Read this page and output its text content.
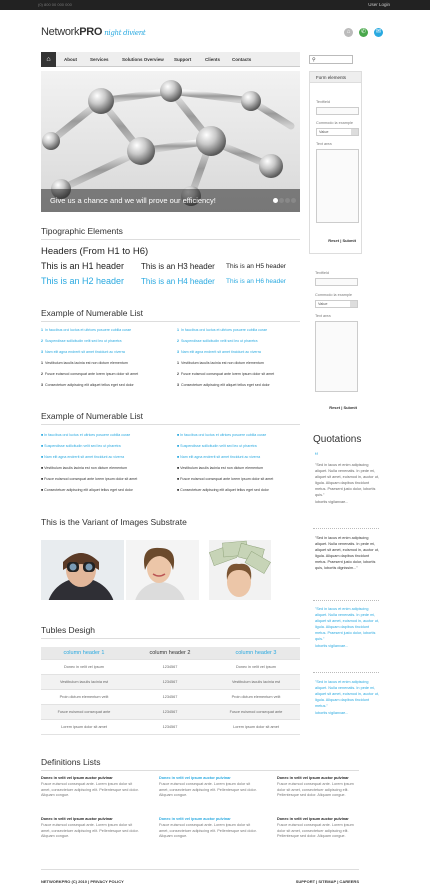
(0) 800 00 000 000	User Login
NetworkPRO night divient	⌂	✆	✉
⌂	About	Services	Solutions Overview Support	Clients	Contacts	⚲
Give us a chance and we will prove our efficiency!
Form elements
Textfield
Commodo la example
Value
Text area
Reset | Submit
Textfield
Commodo la example
Value
Text area
Reset | Submit
Tipographic Elements
Headers (From H1 to H6)
This is an H1 header This is an H3 header This is an H5 header
This is an H2 header This is an H4 header This is an H6 header
Example of Numerable List
1 In faucibus orci luctus et ultrices posuere cubilia curae
2 Suspendisse sollicitudin velit sed leo ut pharetra
3 Nam elit agna endrerit sit amet tincidunt ac viverra
1 Vestibulum iaculis lacinia est non dictum elementum
2 Fusce euismod consequat ante lorem ipsum dolor sit amet
3 Consectetuer adipiscing elit aliquet tellus eget sed dolor
1 In faucibus orci luctus et ultrices posuere cubilia curae
2 Suspendisse sollicitudin velit sed leo ut pharetra
3 Nam elit agna endrerit sit amet tincidunt ac viverra
1 Vestibulum iaculis lacinia est non dictum elementum
2 Fusce euismod consequat ante lorem ipsum dolor sit amet
3 Consectetuer adipiscing elit aliquet tellus eget sed dolor
Example of Numerable List
■ In faucibus orci luctus et ultrices posuere cubilia curae
■ Suspendisse sollicitudin velit sed leo ut pharetra
■ Nam elit agna endrerit sit amet tincidunt ac viverra
■ Vestibulum iaculis lacinia est non dictum elementum
■ Fusce euismod consequat ante lorem ipsum dolor sit amet
■ Consectetuer adipiscing elit aliquet tellus eget sed dolor
■ In faucibus orci luctus et ultrices posuere cubilia curae
■ Suspendisse sollicitudin velit sed leo ut pharetra
■ Nam elit agna endrerit sit amet tincidunt ac viverra
■ Vestibulum iaculis lacinia est non dictum elementum
■ Fusce euismod consequat ante lorem ipsum dolor sit amet
■ Consectetuer adipiscing elit aliquet tellus eget sed dolor
This is the Variant of Images Substrate
Tubles Desigh
column header 1	column header 2	column header 3
Donec in velit vel ipsum	1234567	Donec in velit vel ipsum
Vestibulum iaculis lacinia est	1234567	Vestibulum iaculis lacinia est
Proin dictum elementum velit	1234567	Proin dictum elementum velit
Fusce euismod consequat ante	1234567	Fusce euismod consequat ante
Lorem ipsum dolor sit amet	1234567	Lorem ipsum dolor sit amet
Definitions Lists
Donec in velit vel ipsum auctor pulvinar
Fusce euismod consequat ante. Lorem ipsum dolor sit amet, consectetuer adipiscing elit. Pellentesque sed dolor. Aliquam congue.
Donec in velit vel ipsum auctor pulvinar
Fusce euismod consequat ante. Lorem ipsum dolor sit amet, consectetuer adipiscing elit. Pellentesque sed dolor. Aliquam congue.
Donec in velit vel ipsum auctor pulvinar
Fusce euismod consequat ante. Lorem ipsum dolor sit amet, consectetuer adipiscing elit. Pellentesque sed dolor. Aliquam congue.
Donec in velit vel ipsum auctor pulvinar
Fusce euismod consequat ante. Lorem ipsum dolor sit amet, consectetuer adipiscing elit. Pellentesque sed dolor. Aliquam congue.
Donec in velit vel ipsum auctor pulvinar
Fusce euismod consequat ante. Lorem ipsum dolor sit amet, consectetuer adipiscing elit. Pellentesque sed dolor. Aliquam congue.
Donec in velit vel ipsum auctor pulvinar
Fusce euismod consequat ante. Lorem ipsum dolor sit amet, consectetuer adipiscing elit. Pellentesque sed dolor. Aliquam congue.
Quotations
“
"Sed in lacus et enim adipiscing aliquet. Nulla venenatis. In pede mi, aliquet sit amet, euismod in, auctor ut, ligula. Aliquam dapibus tincidunt metus. Praesent justo dolor, lobortis quis."
lobortis vigilanxae...
"Sed in lacus et enim adipiscing aliquet. Nulla venenatis. In pede mi, aliquet sit amet, euismod in, auctor ut, ligula. Aliquam dapibus tincidunt metus. Praesent justo dolor, lobortis quis, lobortis dignissim..."
"Sed in lacus et enim adipiscing aliquet. Nulla venenatis. In pede mi, aliquet sit amet, euismod in, auctor ut, ligula. Aliquam dapibus tincidunt metus. Praesent justo dolor, lobortis quis."
lobortis vigilanxae...
"Sed in lacus et enim adipiscing aliquet. Nulla venenatis. In pede mi, aliquet sit amet, euismod in, auctor ut, ligula. Aliquam dapibus tincidunt metus."
lobortis vigilanxae...
NETWORKPRO (C) 2010 | PRIVACY POLICY	SUPPORT | SITEMAP | CAREERS
